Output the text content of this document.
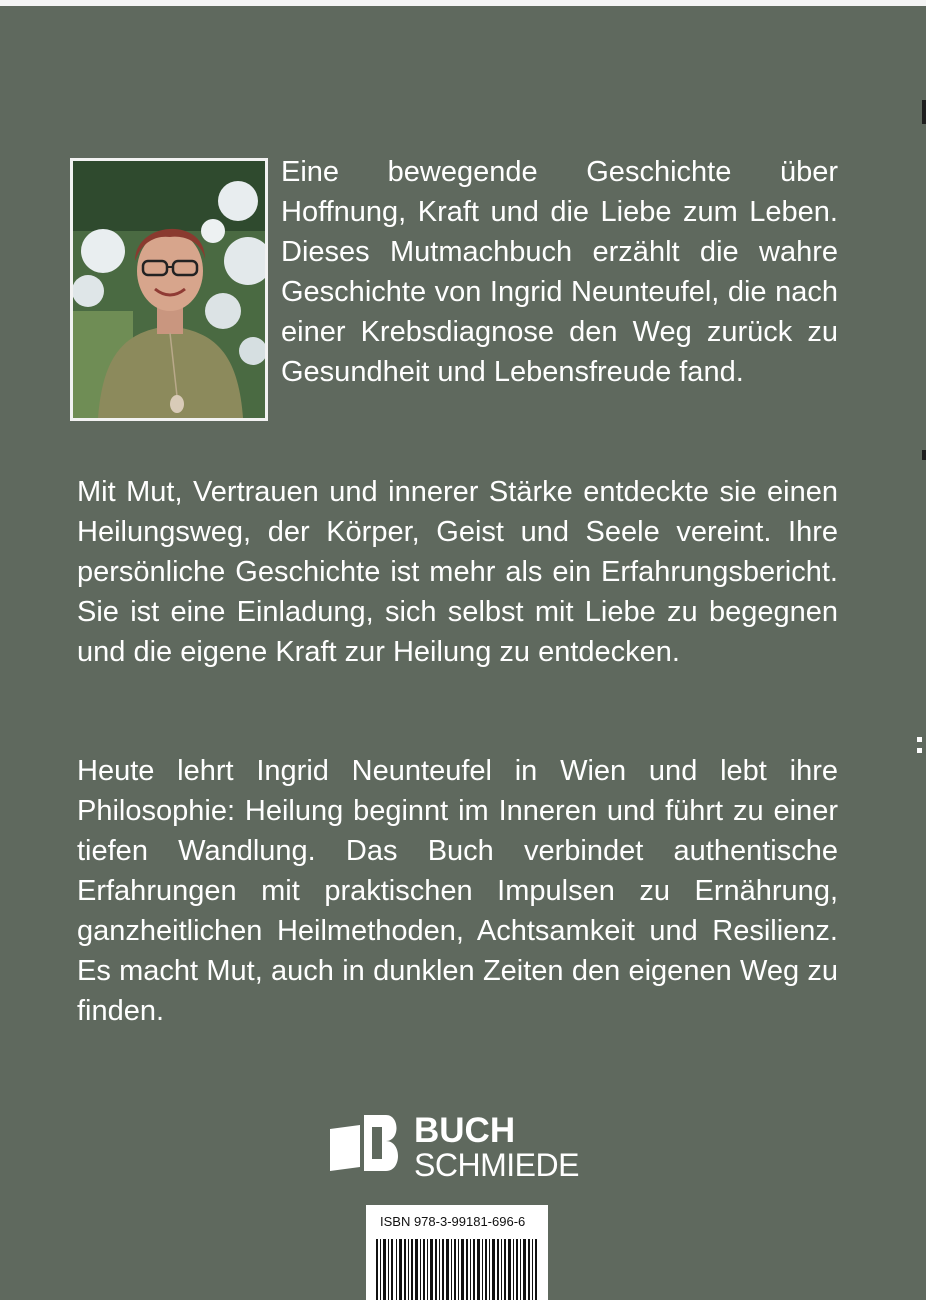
Eine bewegende Geschichte über Hoffnung, Kraft und die Liebe zum Leben. Dieses Mutmachbuch erzählt die wahre Geschichte von Ingrid Neunteufel, die nach einer Krebsdiagnose den Weg zurück zu Gesundheit und Lebensfreude fand.

Mit Mut, Vertrauen und innerer Stärke entdeckte sie einen Heilungsweg, der Körper, Geist und Seele vereint. Ihre persönliche Geschichte ist mehr als ein Erfahrungsbericht. Sie ist eine Einladung, sich selbst mit Liebe zu begegnen und die eigene Kraft zur Heilung zu entdecken.

Heute lehrt Ingrid Neunteufel in Wien und lebt ihre Philosophie: Heilung beginnt im Inneren und führt zu einer tiefen Wandlung. Das Buch verbindet authentische Erfahrungen mit praktischen Impulsen zu Ernährung, ganzheitlichen Heilmethoden, Achtsamkeit und Resilienz. Es macht Mut, auch in dunklen Zeiten den eigenen Weg zu finden.

BUCH
SCHMIEDE
ISBN 978-3-99181-696-6
